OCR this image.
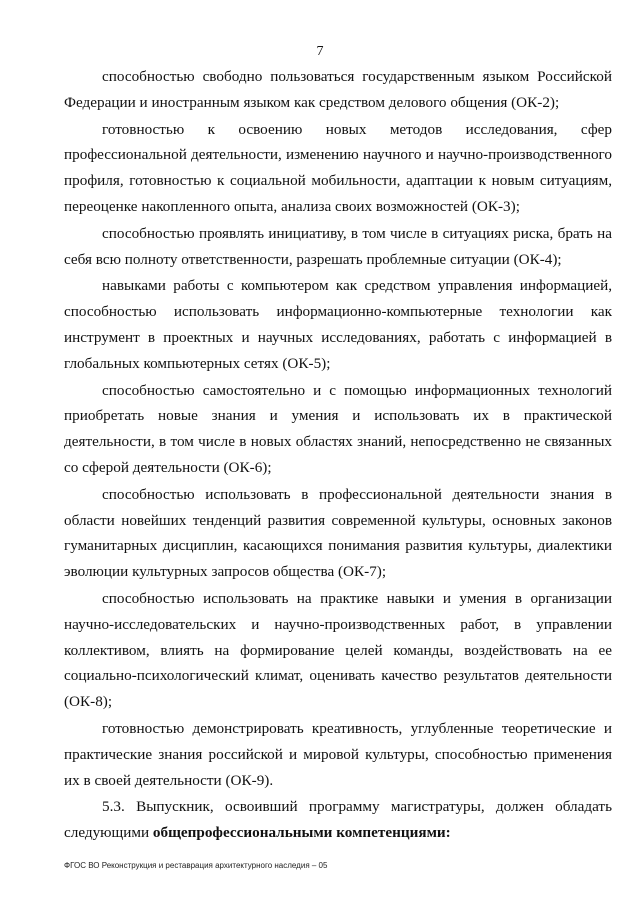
7

способностью свободно пользоваться государственным языком Российской Федерации и иностранным языком как средством делового общения (ОК-2);

готовностью к освоению новых методов исследования, сфер профессиональной деятельности, изменению научного и научно-производственного профиля, готовностью к социальной мобильности, адаптации к новым ситуациям, переоценке накопленного опыта, анализа своих возможностей (ОК-3);

способностью проявлять инициативу, в том числе в ситуациях риска, брать на себя всю полноту ответственности, разрешать проблемные ситуации (ОК-4);

навыками работы с компьютером как средством управления информацией, способностью использовать информационно-компьютерные технологии как инструмент в проектных и научных исследованиях, работать с информацией в глобальных компьютерных сетях (ОК-5);

способностью самостоятельно и с помощью информационных технологий приобретать новые знания и умения и использовать их в практической деятельности, в том числе в новых областях знаний, непосредственно не связанных со сферой деятельности (ОК-6);

способностью использовать в профессиональной деятельности знания в области новейших тенденций развития современной культуры, основных законов гуманитарных дисциплин, касающихся понимания развития культуры, диалектики эволюции культурных запросов общества (ОК-7);

способностью использовать на практике навыки и умения в организации научно-исследовательских и научно-производственных работ, в управлении коллективом, влиять на формирование целей команды, воздействовать на ее социально-психологический климат, оценивать качество результатов деятельности (ОК-8);

готовностью демонстрировать креативность, углубленные теоретические и практические знания российской и мировой культуры, способностью применения их в своей деятельности (ОК-9).

5.3. Выпускник, освоивший программу магистратуры, должен обладать следующими общепрофессиональными компетенциями:

ФГОС ВО Реконструкция и реставрация архитектурного наследия – 05
